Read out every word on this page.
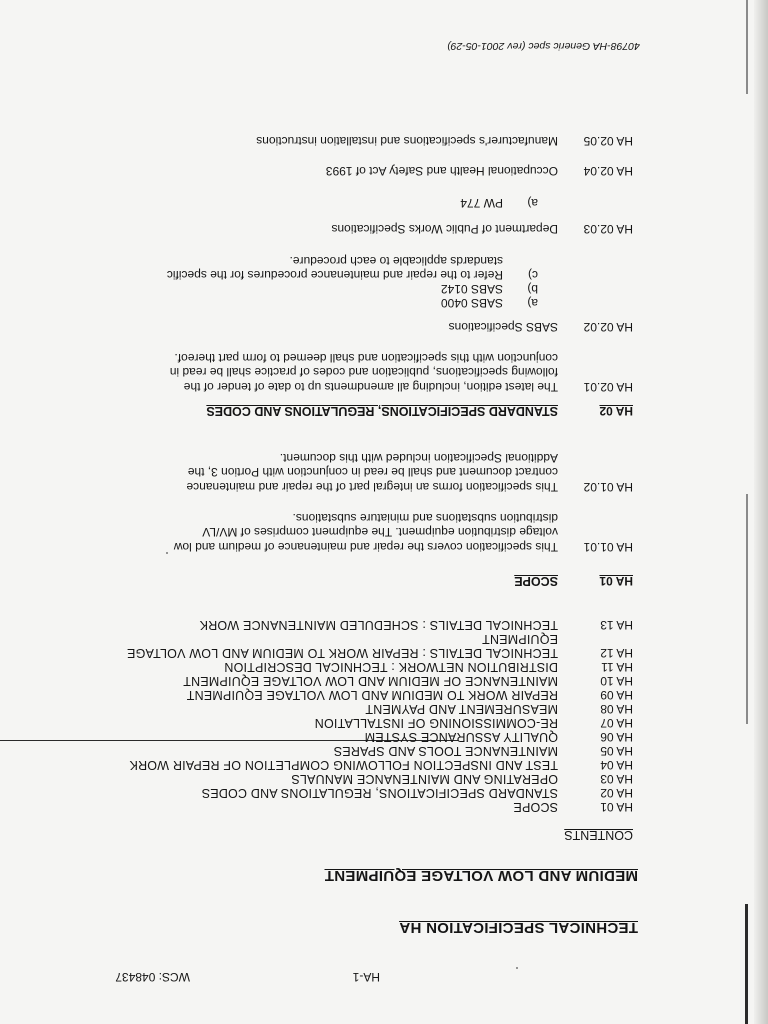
HA-1
WCS: 048437
TECHNICAL SPECIFICATION HA
MEDIUM AND LOW VOLTAGE EQUIPMENT
CONTENTS
HA 01
SCOPE
HA 02
STANDARD SPECIFICATIONS, REGULATIONS AND CODES
HA 03
OPERATING AND MAINTENANCE MANUALS
HA 04
TEST AND INSPECTION FOLLOWING COMPLETION OF REPAIR WORK
HA 05
MAINTENANCE TOOLS AND SPARES
HA 06
QUALITY ASSURANCE SYSTEM
HA 07
RE-COMMISSIONING OF INSTALLATION
HA 08
MEASUREMENT AND PAYMENT
HA 09
REPAIR WORK TO MEDIUM AND LOW VOLTAGE EQUIPMENT
HA 10
MAINTENANCE OF MEDIUM AND LOW VOLTAGE EQUIPMENT
HA 11
DISTRIBUTION NETWORK : TECHNICAL DESCRIPTION
HA 12
TECHNICAL DETAILS : REPAIR WORK TO MEDIUM AND LOW VOLTAGE
EQUIPMENT
HA 13
TECHNICAL DETAILS : SCHEDULED MAINTENANCE WORK
HA 01
SCOPE
HA 01.01
This specification covers the repair and maintenance of medium and low
voltage distribution equipment. The equipment comprises of MV/LV
distribution substations and miniature substations.
HA 01.02
This specification forms an integral part of the repair and maintenance
contract document and shall be read in conjunction with Portion 3, the
Additional Specification included with this document.
HA 02
STANDARD SPECIFICATIONS, REGULATIONS AND CODES
HA 02.01
The latest edition, including all amendments up to date of tender of the
following specifications, publication and codes of practice shall be read in
conjunction with this specification and shall deemed to form part thereof.
HA 02.02
SABS Specifications
a)
SABS 0400
b)
SABS 0142
c)
Refer to the repair and maintenance procedures for the specific
standards applicable to each procedure.
HA 02.03
Department of Public Works Specifications
a)
PW 774
HA 02.04
Occupational Health and Safety Act of 1993
HA 02.05
Manufacturer's specifications and installation instructions
40798-HA Generic spec (rev 2001-05-29)
